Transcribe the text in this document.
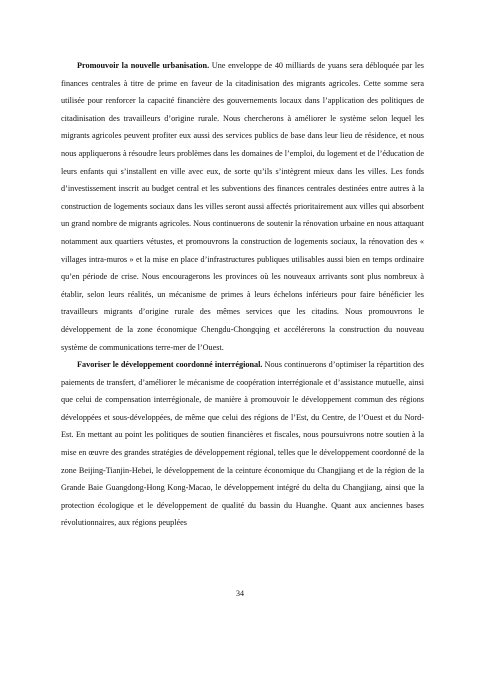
Promouvoir la nouvelle urbanisation. Une enveloppe de 40 milliards de yuans sera débloquée par les finances centrales à titre de prime en faveur de la citadinisation des migrants agricoles. Cette somme sera utilisée pour renforcer la capacité financière des gouvernements locaux dans l’application des politiques de citadinisation des travailleurs d’origine rurale. Nous chercherons à améliorer le système selon lequel les migrants agricoles peuvent profiter eux aussi des services publics de base dans leur lieu de résidence, et nous nous appliquerons à résoudre leurs problèmes dans les domaines de l’emploi, du logement et de l’éducation de leurs enfants qui s’installent en ville avec eux, de sorte qu’ils s’intègrent mieux dans les villes. Les fonds d’investissement inscrit au budget central et les subventions des finances centrales destinées entre autres à la construction de logements sociaux dans les villes seront aussi affectés prioritairement aux villes qui absorbent un grand nombre de migrants agricoles. Nous continuerons de soutenir la rénovation urbaine en nous attaquant notamment aux quartiers vétustes, et promouvrons la construction de logements sociaux, la rénovation des « villages intra-muros » et la mise en place d’infrastructures publiques utilisables aussi bien en temps ordinaire qu’en période de crise. Nous encouragerons les provinces où les nouveaux arrivants sont plus nombreux à établir, selon leurs réalités, un mécanisme de primes à leurs échelons inférieurs pour faire bénéficier les travailleurs migrants d’origine rurale des mêmes services que les citadins. Nous promouvrons le développement de la zone économique Chengdu-Chongqing et accélérerons la construction du nouveau système de communications terre-mer de l’Ouest.

Favoriser le développement coordonné interrégional. Nous continuerons d’optimiser la répartition des paiements de transfert, d’améliorer le mécanisme de coopération interrégionale et d’assistance mutuelle, ainsi que celui de compensation interrégionale, de manière à promouvoir le développement commun des régions développées et sous-développées, de même que celui des régions de l’Est, du Centre, de l’Ouest et du Nord-Est. En mettant au point les politiques de soutien financières et fiscales, nous poursuivrons notre soutien à la mise en œuvre des grandes stratégies de développement régional, telles que le développement coordonné de la zone Beijing-Tianjin-Hebei, le développement de la ceinture économique du Changjiang et de la région de la Grande Baie Guangdong-Hong Kong-Macao, le développement intégré du delta du Changjiang, ainsi que la protection écologique et le développement de qualité du bassin du Huanghe. Quant aux anciennes bases révolutionnaires, aux régions peuplées

34
